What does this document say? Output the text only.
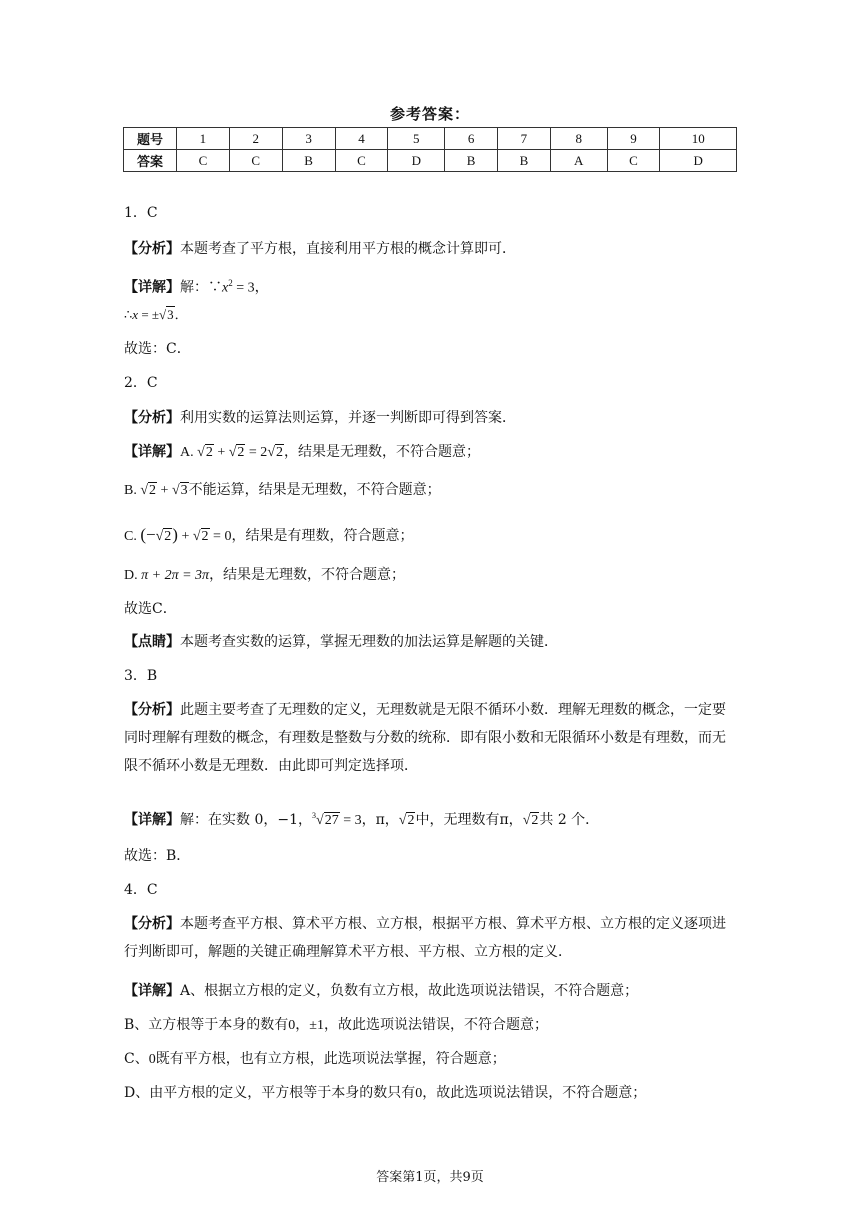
参考答案：
题号	1	2	3	4	5	6	7	8	9	10
答案	C	C	B	C	D	B	B	A	C	D
1．C
【分析】本题考查了平方根，直接利用平方根的概念计算即可．
【详解】解：$\because x^2 = 3$，
∴x = ±√3．
故选：C．
2．C
【分析】利用实数的运算法则运算，并逐一判断即可得到答案．
【详解】A. √2 + √2 = 2√2，结果是无理数，不符合题意；
B. √2 + √3不能运算，结果是无理数，不符合题意；
C. (−√2) + √2 = 0，结果是有理数，符合题意；
D. π + 2π = 3π，结果是无理数，不符合题意；
故选C．
【点睛】本题考查实数的运算，掌握无理数的加法运算是解题的关键．
3．B
【分析】此题主要考查了无理数的定义，无理数就是无限不循环小数．理解无理数的概念，一定要同时理解有理数的概念，有理数是整数与分数的统称．即有限小数和无限循环小数是有理数，而无限不循环小数是无理数．由此即可判定选择项．
【详解】解：在实数 0，−1，$^3$√27 = 3，π，√2中，无理数有π，√2共 2 个．
故选：B．
4．C
【分析】本题考查平方根、算术平方根、立方根，根据平方根、算术平方根、立方根的定义逐项进行判断即可，解题的关键正确理解算术平方根、平方根、立方根的定义．
【详解】A、根据立方根的定义，负数有立方根，故此选项说法错误，不符合题意；
B、立方根等于本身的数有0，±1，故此选项说法错误，不符合题意；
C、0既有平方根，也有立方根，此选项说法掌握，符合题意；
D、由平方根的定义，平方根等于本身的数只有0，故此选项说法错误，不符合题意；
答案第1页，共9页
